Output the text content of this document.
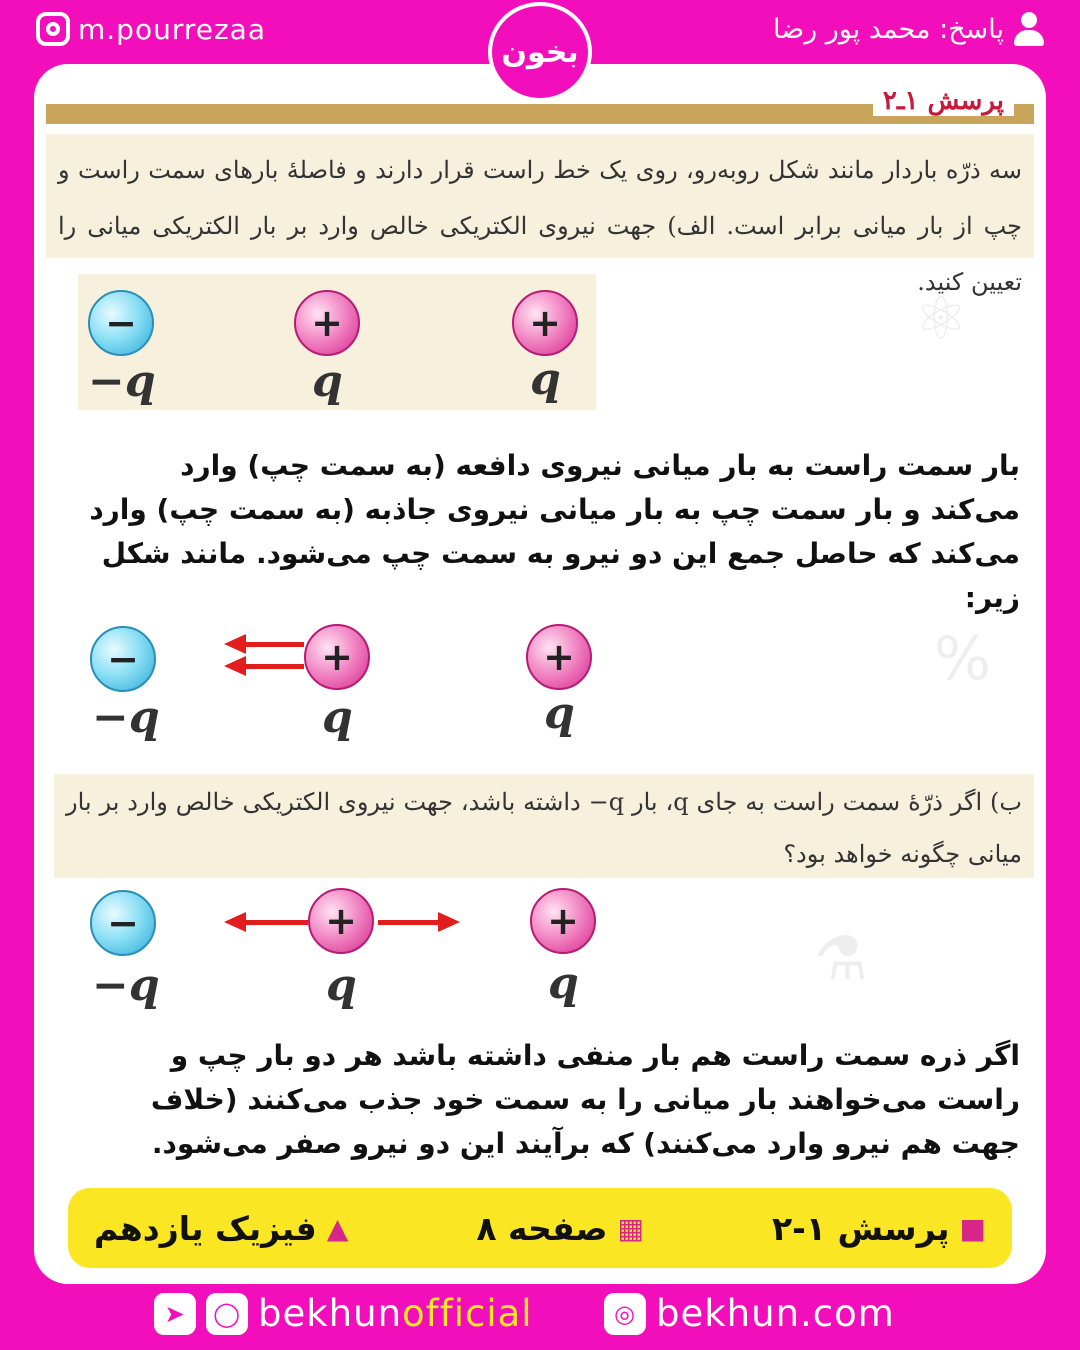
m.pourrezaa	پاسخ: محمد پور رضا
بخون
⚛
%
⚗
پرسش ۱ـ۲
سه ذرّه باردار مانند شکل روبه‌رو، روی یک خط راست قرار دارند و فاصلهٔ بارهای سمت راست و چپ از بار میانی برابر است. الف) جهت نیروی الکتریکی خالص وارد بر بار الکتریکی میانی را تعیین کنید.
−	+	+
−q	q	q
بار سمت راست به بار میانی نیروی دافعه (به سمت چپ) وارد می‌کند و بار سمت چپ به بار میانی نیروی جاذبه (به سمت چپ) وارد می‌کند که حاصل جمع این دو نیرو به سمت چپ می‌شود. مانند شکل زیر:
−	+	+
−q	q	q
ب) اگر ذرّهٔ سمت راست به جای q، بار q− داشته باشد، جهت نیروی الکتریکی خالص وارد بر بار میانی چگونه خواهد بود؟
−	+	+
−q	q	q
اگر ذره سمت راست هم بار منفی داشته باشد هر دو بار چپ و راست می‌خواهند بار میانی را به سمت خود جذب می‌کنند (خلاف جهت هم نیرو وارد می‌کنند) که برآیند این دو نیرو صفر می‌شود.
■
پرسش ۱-۲
▦
صفحه ۸
▲
فیزیک یازدهم
➤	◯ bekhunofficial	◎ bekhun.com
